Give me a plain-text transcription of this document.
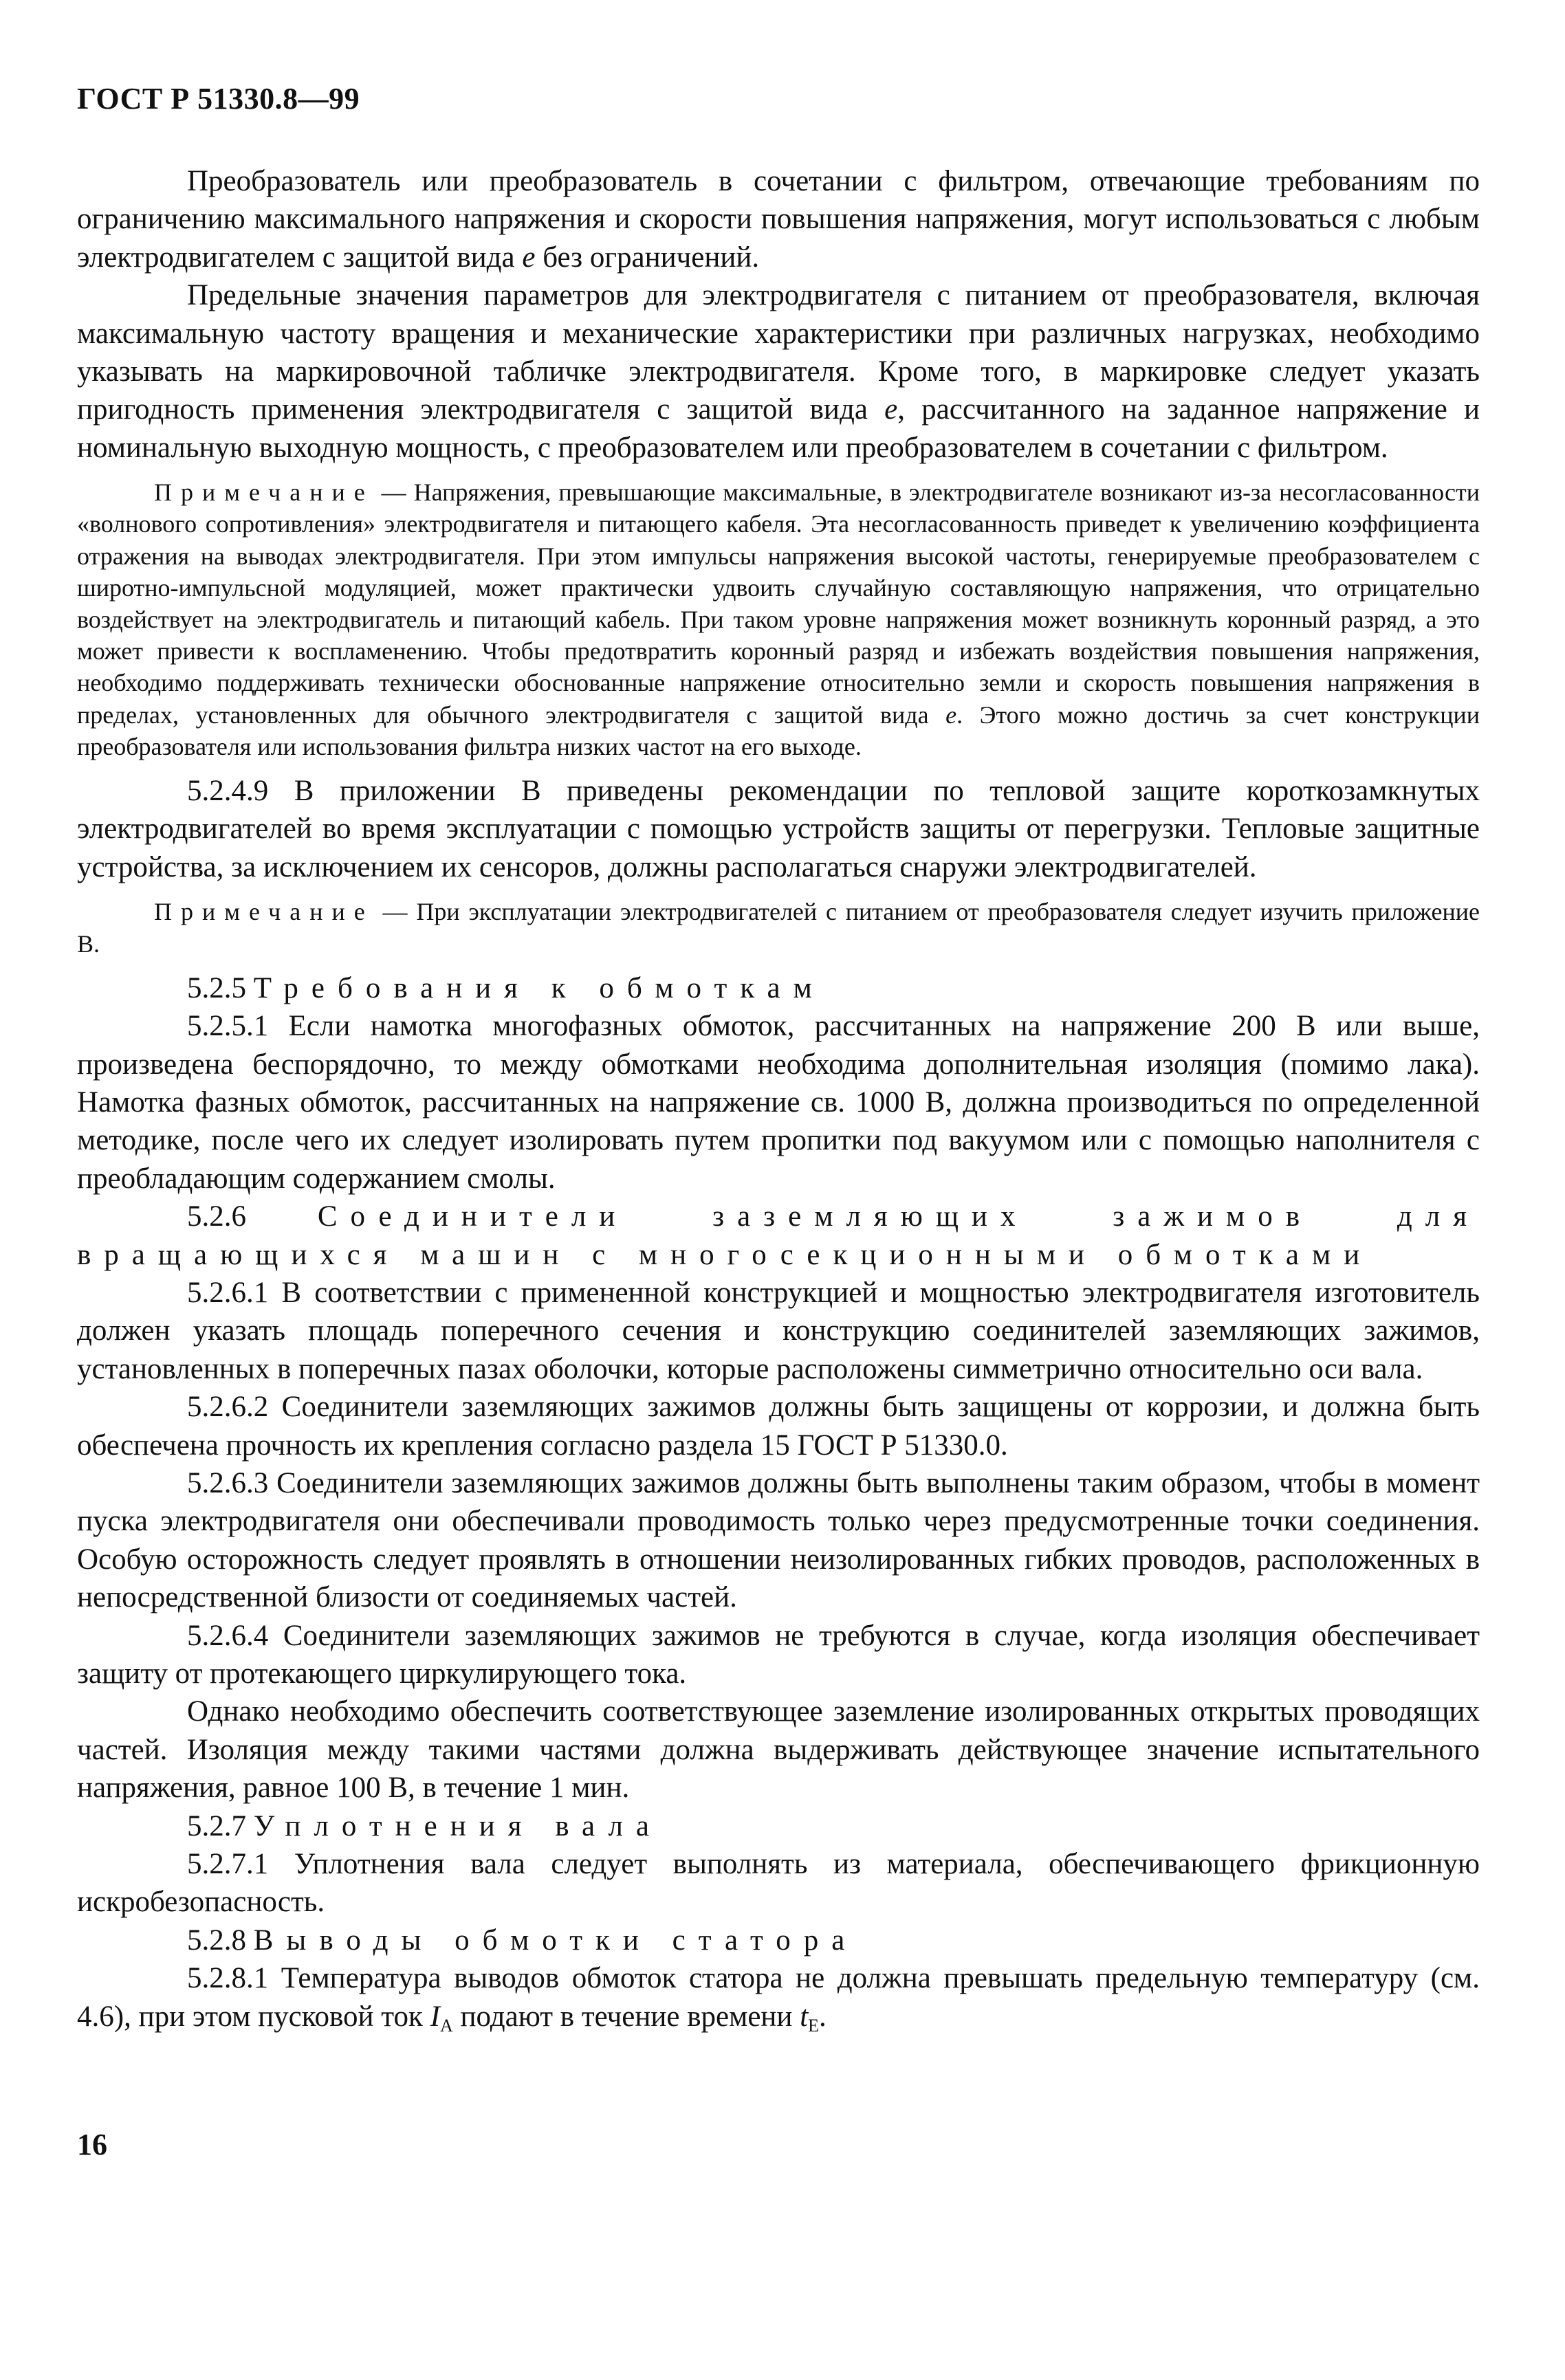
ГОСТ Р 51330.8—99

Преобразователь или преобразователь в сочетании с фильтром, отвечающие требованиям по ограничению максимального напряжения и скорости повышения напряжения, могут использоваться с любым электродвигателем с защитой вида е без ограничений.

Предельные значения параметров для электродвигателя с питанием от преобразователя, включая максимальную частоту вращения и механические характеристики при различных нагрузках, необходимо указывать на маркировочной табличке электродвигателя. Кроме того, в маркировке следует указать пригодность применения электродвигателя с защитой вида е, рассчитанного на заданное напряжение и номинальную выходную мощность, с преобразователем или преобразователем в сочетании с фильтром.

Примечание — Напряжения, превышающие максимальные, в электродвигателе возникают из-за несогласованности «волнового сопротивления» электродвигателя и питающего кабеля. Эта несогласованность приведет к увеличению коэффициента отражения на выводах электродвигателя. При этом импульсы напряжения высокой частоты, генерируемые преобразователем с широтно-импульсной модуляцией, может практически удвоить случайную составляющую напряжения, что отрицательно воздействует на электродвигатель и питающий кабель. При таком уровне напряжения может возникнуть коронный разряд, а это может привести к воспламенению. Чтобы предотвратить коронный разряд и избежать воздействия повышения напряжения, необходимо поддерживать технически обоснованные напряжение относительно земли и скорость повышения напряжения в пределах, установленных для обычного электродвигателя с защитой вида е. Этого можно достичь за счет конструкции преобразователя или использования фильтра низких частот на его выходе.

5.2.4.9 В приложении В приведены рекомендации по тепловой защите короткозамкнутых электродвигателей во время эксплуатации с помощью устройств защиты от перегрузки. Тепловые защитные устройства, за исключением их сенсоров, должны располагаться снаружи электродвигателей.

Примечание — При эксплуатации электродвигателей с питанием от преобразователя следует изучить приложение В.

5.2.5 Требования к обмоткам

5.2.5.1 Если намотка многофазных обмоток, рассчитанных на напряжение 200 В или выше, произведена беспорядочно, то между обмотками необходима дополнительная изоляция (помимо лака). Намотка фазных обмоток, рассчитанных на напряжение св. 1000 В, должна производиться по определенной методике, после чего их следует изолировать путем пропитки под вакуумом или с помощью наполнителя с преобладающим содержанием смолы.

5.2.6 Соединители заземляющих зажимов для вращающихся машин с многосекционными обмотками

5.2.6.1 В соответствии с примененной конструкцией и мощностью электродвигателя изготовитель должен указать площадь поперечного сечения и конструкцию соединителей заземляющих зажимов, установленных в поперечных пазах оболочки, которые расположены симметрично относительно оси вала.

5.2.6.2 Соединители заземляющих зажимов должны быть защищены от коррозии, и должна быть обеспечена прочность их крепления согласно раздела 15 ГОСТ Р 51330.0.

5.2.6.3 Соединители заземляющих зажимов должны быть выполнены таким образом, чтобы в момент пуска электродвигателя они обеспечивали проводимость только через предусмотренные точки соединения. Особую осторожность следует проявлять в отношении неизолированных гибких проводов, расположенных в непосредственной близости от соединяемых частей.

5.2.6.4 Соединители заземляющих зажимов не требуются в случае, когда изоляция обеспечивает защиту от протекающего циркулирующего тока.

Однако необходимо обеспечить соответствующее заземление изолированных открытых проводящих частей. Изоляция между такими частями должна выдерживать действующее значение испытательного напряжения, равное 100 В, в течение 1 мин.

5.2.7 Уплотнения вала

5.2.7.1 Уплотнения вала следует выполнять из материала, обеспечивающего фрикционную искробезопасность.

5.2.8 Выводы обмотки статора

5.2.8.1 Температура выводов обмоток статора не должна превышать предельную температуру (см. 4.6), при этом пусковой ток $I_A$ подают в течение времени $t_E$.

16
